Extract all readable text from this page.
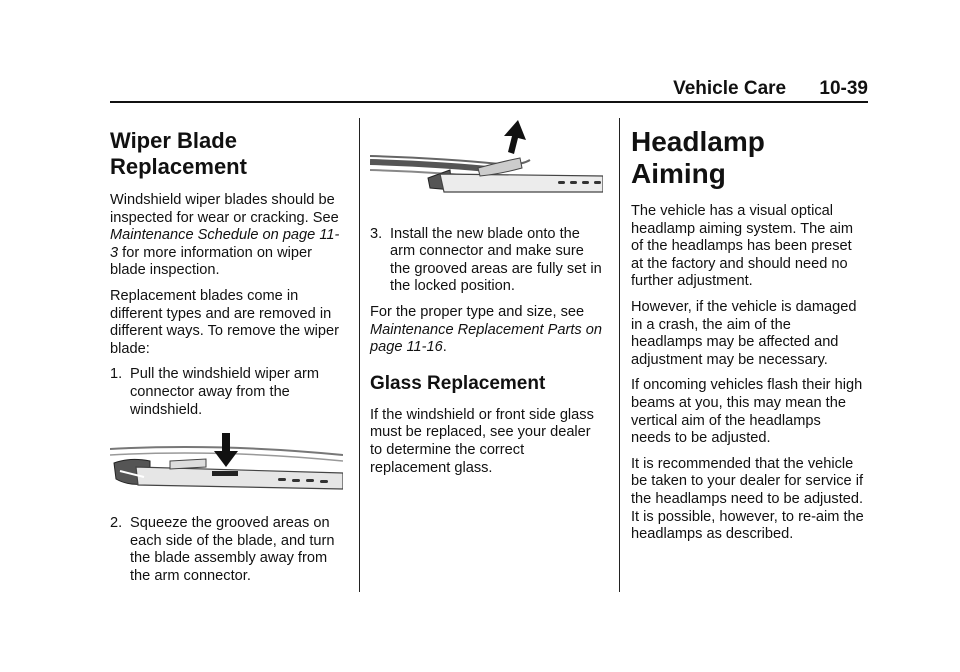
Vehicle Care 10-39
Wiper Blade Replacement

Windshield wiper blades should be inspected for wear or cracking. See Maintenance Schedule on page 11-3 for more information on wiper blade inspection.

Replacement blades come in different types and are removed in different ways. To remove the wiper blade:

1. Pull the windshield wiper arm connector away from the windshield.

2. Squeeze the grooved areas on each side of the blade, and turn the blade assembly away from the arm connector.

3. Install the new blade onto the arm connector and make sure the grooved areas are fully set in the locked position.

For the proper type and size, see Maintenance Replacement Parts on page 11-16.

Glass Replacement

If the windshield or front side glass must be replaced, see your dealer to determine the correct replacement glass.

Headlamp Aiming

The vehicle has a visual optical headlamp aiming system. The aim of the headlamps has been preset at the factory and should need no further adjustment.

However, if the vehicle is damaged in a crash, the aim of the headlamps may be affected and adjustment may be necessary.

If oncoming vehicles flash their high beams at you, this may mean the vertical aim of the headlamps needs to be adjusted.

It is recommended that the vehicle be taken to your dealer for service if the headlamps need to be adjusted. It is possible, however, to re-aim the headlamps as described.
